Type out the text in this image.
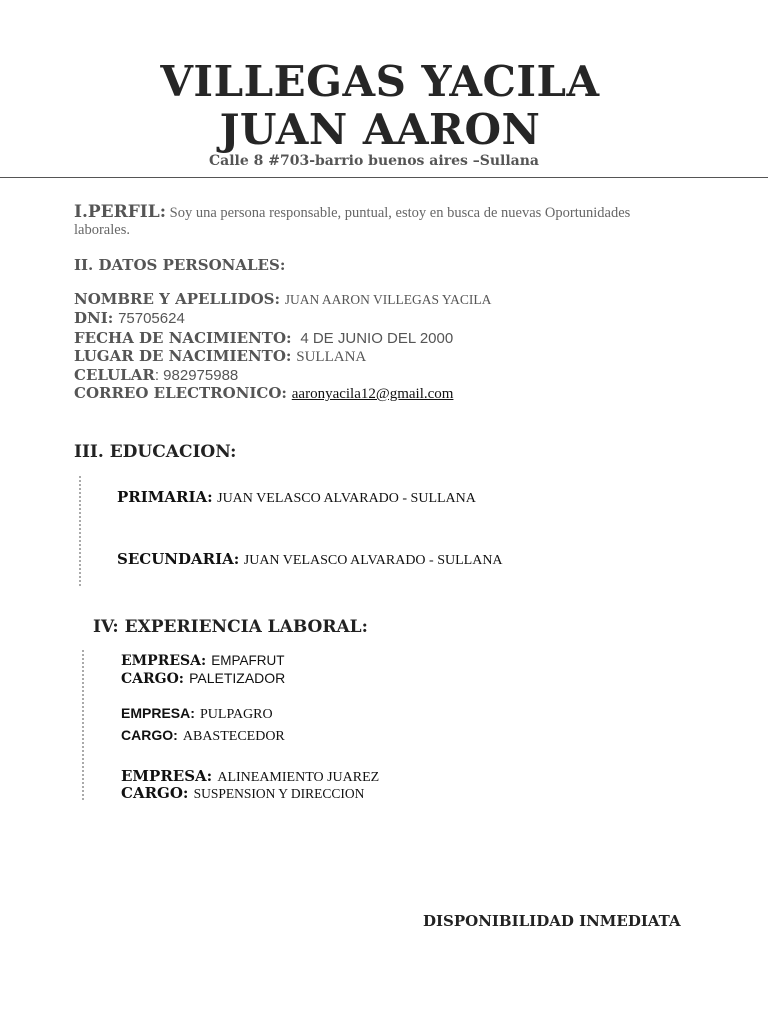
VILLEGAS YACILA
JUAN AARON
Calle 8 #703-barrio buenos aires –Sullana
I.PERFIL: Soy una persona responsable, puntual, estoy en busca de nuevas Oportunidades laborales.
II. DATOS PERSONALES:
NOMBRE Y APELLIDOS: JUAN AARON VILLEGAS YACILA
DNI: 75705624
FECHA DE NACIMIENTO: 4 DE JUNIO DEL 2000
LUGAR DE NACIMIENTO: SULLANA
CELULAR: 982975988
CORREO ELECTRONICO: aaronyacila12@gmail.com
III. EDUCACION:
PRIMARIA: JUAN VELASCO ALVARADO - SULLANA
SECUNDARIA: JUAN VELASCO ALVARADO - SULLANA
IV: EXPERIENCIA LABORAL:
EMPRESA: EMPAFRUT
CARGO: PALETIZADOR
EMPRESA: PULPAGRO
CARGO: ABASTECEDOR
EMPRESA: ALINEAMIENTO JUAREZ
CARGO: SUSPENSION Y DIRECCION
DISPONIBILIDAD INMEDIATA
